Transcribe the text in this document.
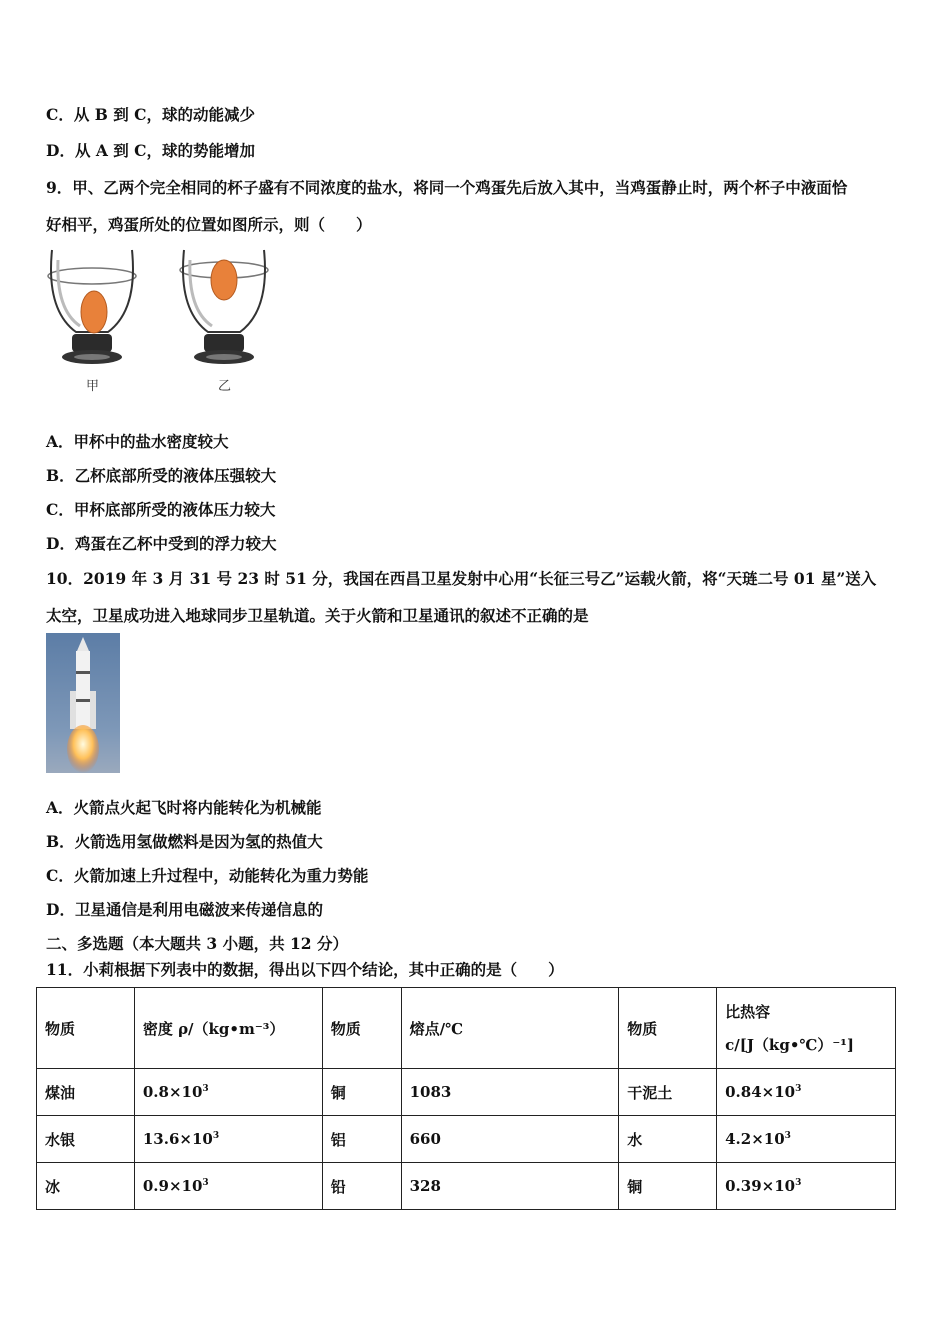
C．从 B 到 C，球的动能减少
D．从 A 到 C，球的势能增加
9．甲、乙两个完全相同的杯子盛有不同浓度的盐水，将同一个鸡蛋先后放入其中，当鸡蛋静止时，两个杯子中液面恰
好相平，鸡蛋所处的位置如图所示，则（　　）
甲	乙
A．甲杯中的盐水密度较大
B．乙杯底部所受的液体压强较大
C．甲杯底部所受的液体压力较大
D．鸡蛋在乙杯中受到的浮力较大
10．2019 年 3 月 31 号 23 时 51 分，我国在西昌卫星发射中心用“长征三号乙”运载火箭，将“天琏二号 01 星”送入
太空，卫星成功进入地球同步卫星轨道。关于火箭和卫星通讯的叙述不正确的是
A．火箭点火起飞时将内能转化为机械能
B．火箭选用氢做燃料是因为氢的热值大
C．火箭加速上升过程中，动能转化为重力势能
D．卫星通信是利用电磁波来传递信息的
二、多选题（本大题共 3 小题，共 12 分）
11．小莉根据下列表中的数据，得出以下四个结论，其中正确的是（　　）
物质	密度 ρ/（kg•m⁻³）	物质	熔点/℃	物质	比热容
c/[J（kg•℃）⁻¹]

煤油	$0.8\times 10^3$	铜	1083	干泥土	$0.84\times 10^3$
水银	$13.6\times 10^3$	铝	660	水	$4.2\times 10^3$
冰	$0.9\times 10^3$	铅	328	铜	$0.39\times 10^3$
